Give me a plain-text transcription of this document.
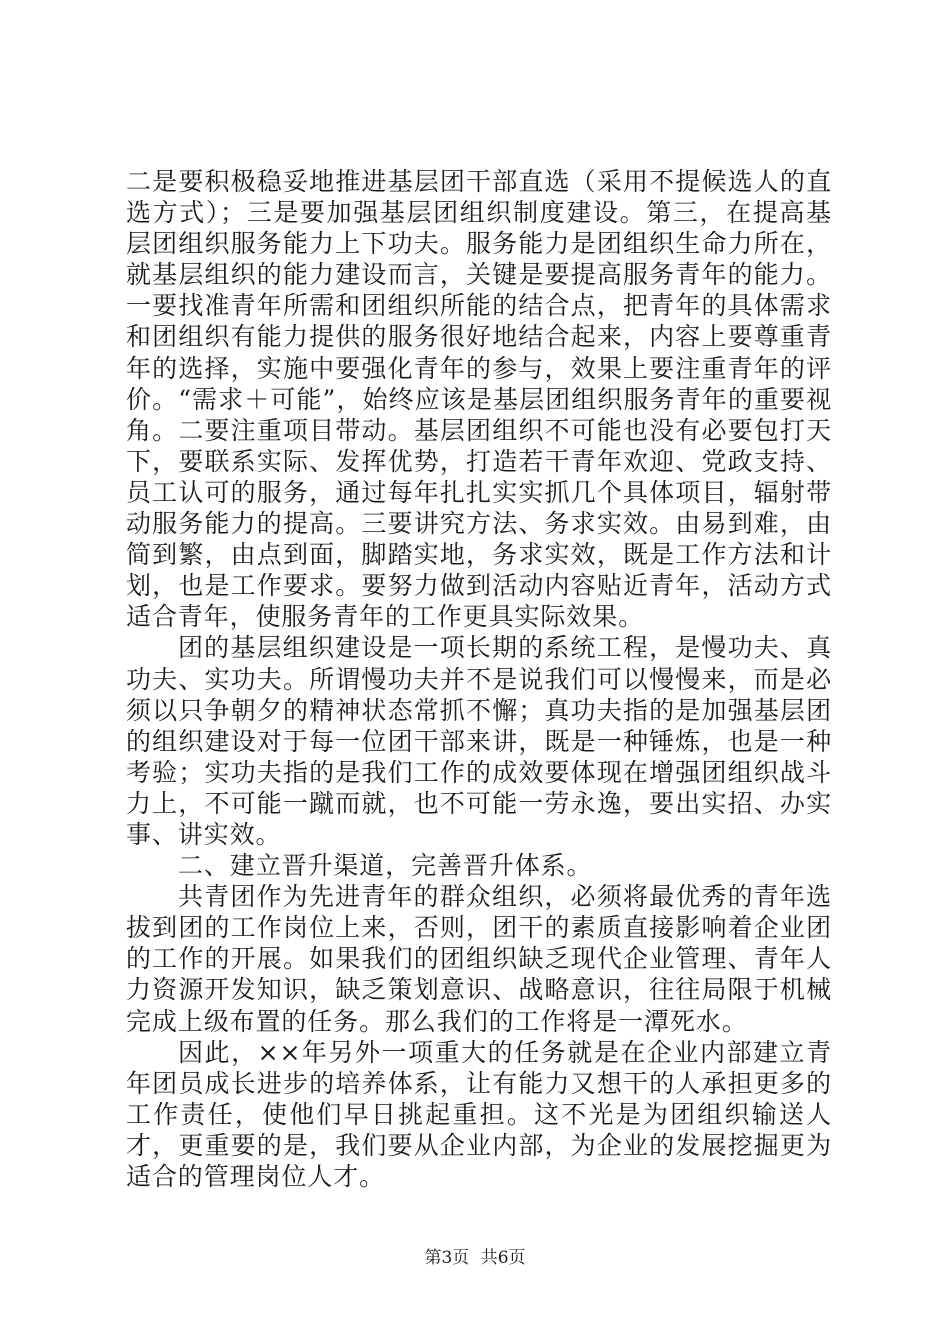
二是要积极稳妥地推进基层团干部直选（采用不提候选人的直选方式）；三是要加强基层团组织制度建设。第三，在提高基层团组织服务能力上下功夫。服务能力是团组织生命力所在，就基层组织的能力建设而言，关键是要提高服务青年的能力。一要找准青年所需和团组织所能的结合点，把青年的具体需求和团组织有能力提供的服务很好地结合起来，内容上要尊重青年的选择，实施中要强化青年的参与，效果上要注重青年的评价。“需求＋可能”，始终应该是基层团组织服务青年的重要视角。二要注重项目带动。基层团组织不可能也没有必要包打天下，要联系实际、发挥优势，打造若干青年欢迎、党政支持、员工认可的服务，通过每年扎扎实实抓几个具体项目，辐射带动服务能力的提高。三要讲究方法、务求实效。由易到难，由简到繁，由点到面，脚踏实地，务求实效，既是工作方法和计划，也是工作要求。要努力做到活动内容贴近青年，活动方式适合青年，使服务青年的工作更具实际效果。

团的基层组织建设是一项长期的系统工程，是慢功夫、真功夫、实功夫。所谓慢功夫并不是说我们可以慢慢来，而是必须以只争朝夕的精神状态常抓不懈；真功夫指的是加强基层团的组织建设对于每一位团干部来讲，既是一种锤炼，也是一种考验；实功夫指的是我们工作的成效要体现在增强团组织战斗力上，不可能一蹴而就，也不可能一劳永逸，要出实招、办实事、讲实效。

二、建立晋升渠道，完善晋升体系。

共青团作为先进青年的群众组织，必须将最优秀的青年选拔到团的工作岗位上来，否则，团干的素质直接影响着企业团的工作的开展。如果我们的团组织缺乏现代企业管理、青年人力资源开发知识，缺乏策划意识、战略意识，往往局限于机械完成上级布置的任务。那么我们的工作将是一潭死水。

因此，××年另外一项重大的任务就是在企业内部建立青年团员成长进步的培养体系，让有能力又想干的人承担更多的工作责任，使他们早日挑起重担。这不光是为团组织输送人才，更重要的是，我们要从企业内部，为企业的发展挖掘更为适合的管理岗位人才。

第3页 共6页
